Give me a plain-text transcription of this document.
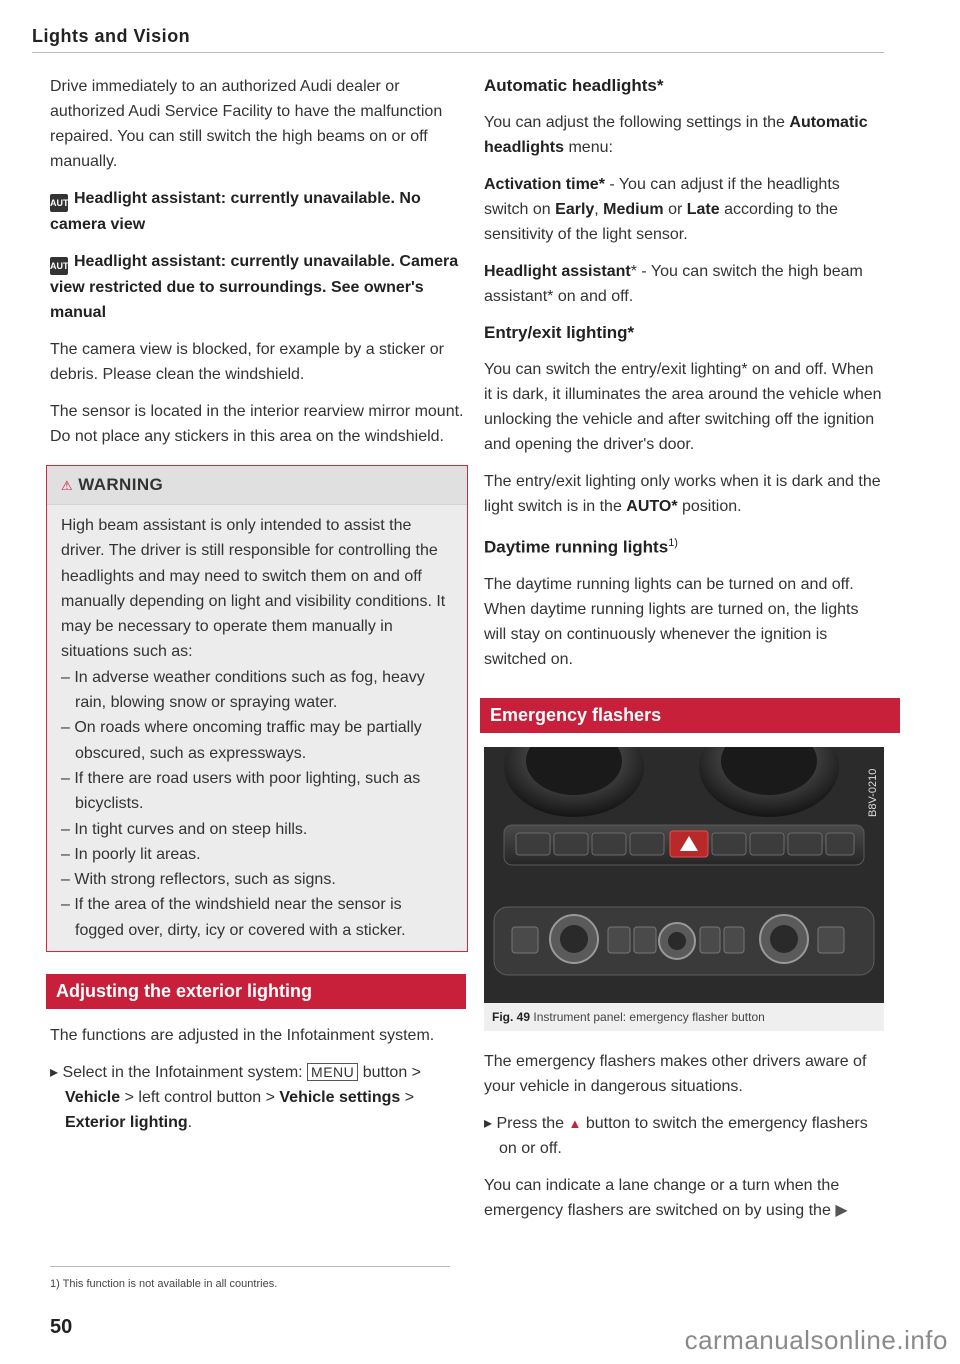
Lights and Vision

Drive immediately to an authorized Audi dealer or authorized Audi Service Facility to have the malfunction repaired. You can still switch the high beams on or off manually.

AUTOHeadlight assistant: currently unavailable. No camera view
AUTOHeadlight assistant: currently unavailable. Camera view restricted due to surroundings. See owner's manual

The camera view is blocked, for example by a sticker or debris. Please clean the windshield.

The sensor is located in the interior rearview mirror mount. Do not place any stickers in this area on the windshield.

⚠ WARNING

High beam assistant is only intended to assist the driver. The driver is still responsible for controlling the headlights and may need to switch them on and off manually depending on light and visibility conditions. It may be necessary to operate them manually in situations such as:

– In adverse weather conditions such as fog, heavy rain, blowing snow or spraying water.
– On roads where oncoming traffic may be partially obscured, such as expressways.
– If there are road users with poor lighting, such as bicyclists.
– In tight curves and on steep hills.
– In poorly lit areas.
– With strong reflectors, such as signs.
– If the area of the windshield near the sensor is fogged over, dirty, icy or covered with a sticker.
Adjusting the exterior lighting

The functions are adjusted in the Infotainment system.

▸ Select in the Infotainment system: MENU button > Vehicle > left control button > Vehicle settings > Exterior lighting.

Automatic headlights*

You can adjust the following settings in the Automatic headlights menu:

Activation time* - You can adjust if the headlights switch on Early, Medium or Late according to the sensitivity of the light sensor.

Headlight assistant* - You can switch the high beam assistant* on and off.

Entry/exit lighting*

You can switch the entry/exit lighting* on and off. When it is dark, it illuminates the area around the vehicle when unlocking the vehicle and after switching off the ignition and opening the driver's door.

The entry/exit lighting only works when it is dark and the light switch is in the AUTO* position.

Daytime running lights$^{1)}$

The daytime running lights can be turned on and off. When daytime running lights are turned on, the lights will stay on continuously whenever the ignition is switched on.

Emergency flashers
B8V-0210
Fig. 49 Instrument panel: emergency flasher button

The emergency flashers makes other drivers aware of your vehicle in dangerous situations.

▸ Press the ▲ button to switch the emergency flashers on or off.

You can indicate a lane change or a turn when the emergency flashers are switched on by using the ▶

1) This function is not available in all countries.
50	carmanualsonline.info
